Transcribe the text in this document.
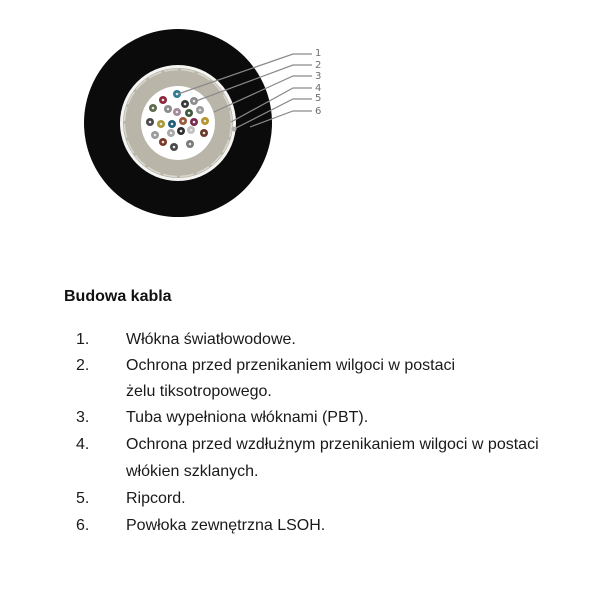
1
2
3
4
5
6
Budowa kabla
1. Włókna światłowodowe.
2. Ochrona przed przenikaniem wilgoci w postaci
żelu tiksotropowego.
3. Tuba wypełniona włóknami (PBT).
4. Ochrona przed wzdłużnym przenikaniem wilgoci w postaci
włókien szklanych.
5. Ripcord.
6. Powłoka zewnętrzna LSOH.
